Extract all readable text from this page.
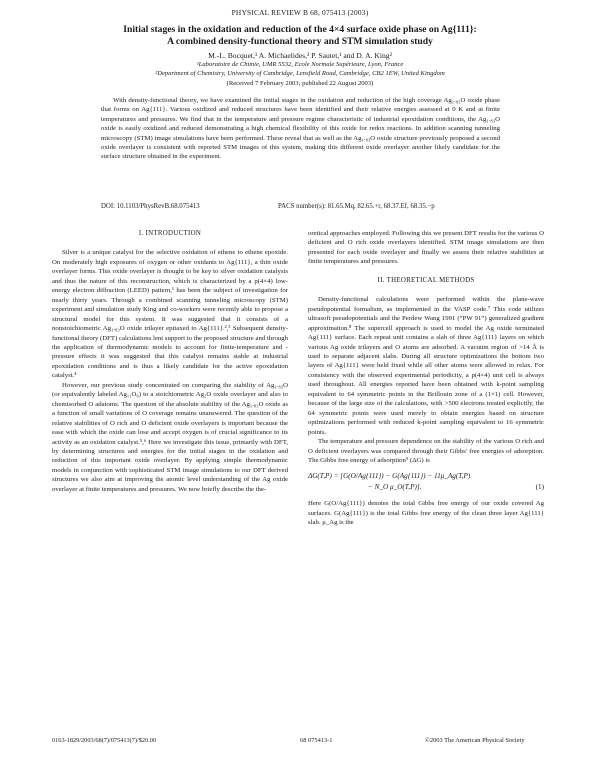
PHYSICAL REVIEW B 68, 075413 (2003)
Initial stages in the oxidation and reduction of the 4×4 surface oxide phase on Ag{111}:
A combined density-functional theory and STM simulation study
M.-L. Bocquet,¹ A. Michaelides,² P. Sautet,¹ and D. A. King²
¹Laboratoire de Chimie, UMR 5532, Ecole Normale Supérieure, Lyon, France
²Department of Chemistry, University of Cambridge, Lensfield Road, Cambridge, CB2 1EW, United Kingdom
(Received 7 February 2003; published 22 August 2003)

With density-functional theory, we have examined the initial stages in the oxidation and reduction of the high coverage Ag₁.₈₃O oxide phase that forms on Ag{111}. Various oxidized and reduced structures have been identified and their relative energies assessed at 0 K and at finite temperatures and pressures. We find that in the temperature and pressure regime characteristic of industrial epoxidation conditions, the Ag₁.₈₃O oxide is easily oxidized and reduced demonstrating a high chemical flexibility of this oxide for redox reactions. In addition scanning tunneling microscopy (STM) image simulations have been performed. These reveal that as well as the Ag₁.₈₃O oxide structure previously proposed a second oxide overlayer is consistent with reported STM images of this system, making this different oxide overlayer another likely candidate for the surface structure obtained in the experiment.

DOI: 10.1103/PhysRevB.68.075413	PACS number(s): 81.65.Mq, 82.65.+r, 68.37.Ef, 68.35.−p
I. INTRODUCTION

Silver is a unique catalyst for the selective oxidation of ethene to ethene epoxide. On moderately high exposures of oxygen or other oxidants to Ag{111}, a thin oxide overlayer forms. This oxide overlayer is thought to be key to silver oxidation catalysis and thus the nature of this reconstruction, which is characterized by a p(4×4) low-energy electron diffraction (LEED) pattern,¹ has been the subject of investigation for nearly thirty years. Through a combined scanning tunneling microscopy (STM) experiment and simulation study King and co-workers were recently able to propose a structural model for this system. It was suggested that it consists of a nonstoichiometric Ag₁.₈₃O oxide trilayer epitaxed to Ag{111}.²,³ Subsequent density-functional theory (DFT) calculations lent support to the proposed structure and through the application of thermodynamic models to account for finite-temperature and -pressure effects it was suggested that this catalyst remains stable at industrial epoxidation conditions and is thus a likely candidate for the active epoxidation catalyst.⁴

However, our previous study concentrated on comparing the stability of Ag₁.₈₃O (or equivalently labeled Ag₁₁O₆) to a stoichiometric Ag₂O oxide overlayer and also to chemisorbed O adatoms. The question of the absolute stability of the Ag₁.₈₃O oxide as a function of small variations of O coverage remains unanswered. The question of the relative stabilities of O rich and O deficient oxide overlayers is important because the ease with which the oxide can lose and accept oxygen is of crucial significance to its activity as an oxidation catalyst.⁵,⁶ Here we investigate this issue, primarily with DFT, by determining structures and energies for the initial stages in the oxidation and reduction of this important oxide overlayer. By applying simple thermodynamic models in conjunction with sophisticated STM image simulations to our DFT derived structures we also aim at improving the atomic level understanding of the Ag oxide overlayer at finite temperatures and pressures. We now briefly describe the the-

oretical approaches employed. Following this we present DFT results for the various O deficient and O rich oxide overlayers identified. STM image simulations are then presented for each oxide overlayer and finally we assess their relative stabilities at finite temperatures and pressures.

II. THEORETICAL METHODS

Density-functional calculations were performed within the plane-wave pseudopotential formalism, as implemented in the VASP code.⁷ This code utilizes ultrasoft pseudopotentials and the Perdew Wang 1991 (“PW 91”) generalized gradient approximation.⁸ The supercell approach is used to model the Ag oxide terminated Ag{111} surface. Each repeat unit contains a slab of three Ag{111} layers on which various Ag oxide trilayers and O atoms are adsorbed. A vacuum region of >14 Å is used to separate adjacent slabs. During all structure optimizations the bottom two layers of Ag{111} were held fixed while all other atoms were allowed to relax. For consistency with the observed experimental periodicity, a p(4×4) unit cell is always used throughout. All energies reported have been obtained with k-point sampling equivalent to 64 symmetric points in the Brillouin zone of a (1×1) cell. However, because of the large size of the calculations, with >500 electrons treated explicitly, the 64 symmetric points were used merely to obtain energies based on structure optimizations performed with reduced k-point sampling equivalent to 16 symmetric points.

The temperature and pressure dependence on the stability of the various O rich and O deficient overlayers was compared through their Gibbs' free energies of adsorption. The Gibbs free energy of adsorption⁹ (ΔG) is

ΔG(T,P) = [G(O/Ag{111}) − G(Ag{111}) − 11μ_Ag(T,P)
− N_O μ_O(T,P)].	(1)

Here G(O/Ag{111}) denotes the total Gibbs free energy of our oxide covered Ag surfaces. G(Ag{111}) is the total Gibbs free energy of the clean three layer Ag{111} slab. μ_Ag is the

0163-1829/2003/68(7)/075413(7)/$20.00	68 075413-1	©2003 The American Physical Society
